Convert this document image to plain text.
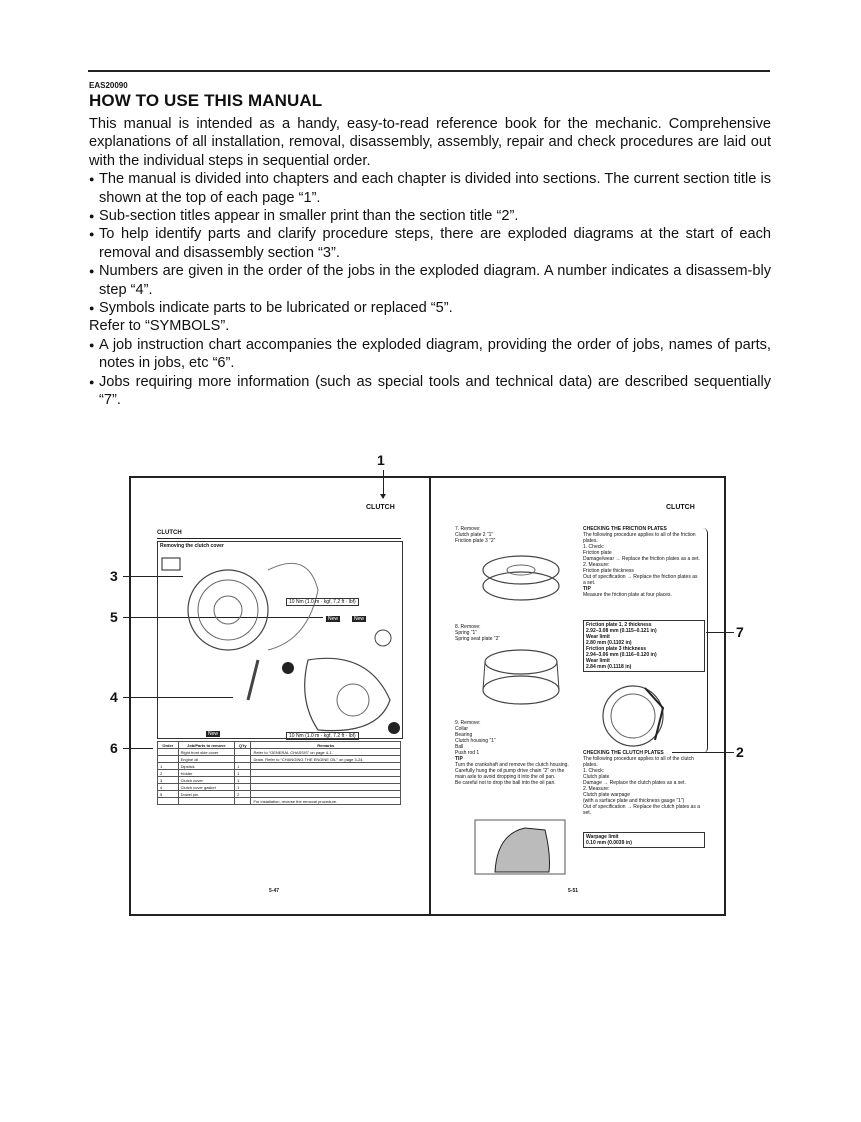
EAS20090
HOW TO USE THIS MANUAL

This manual is intended as a handy, easy-to-read reference book for the mechanic. Comprehensive explanations of all installation, removal, disassembly, assembly, repair and check procedures are laid out with the individual steps in sequential order.

● The manual is divided into chapters and each chapter is divided into sections. The current section title is shown at the top of each page “1”.

● Sub-section titles appear in smaller print than the section title “2”.

● To help identify parts and clarify procedure steps, there are exploded diagrams at the start of each removal and disassembly section “3”.

● Numbers are given in the order of the jobs in the exploded diagram. A number indicates a disassem-bly step “4”.

● Symbols indicate parts to be lubricated or replaced “5”.

Refer to “SYMBOLS”.

● A job instruction chart accompanies the exploded diagram, providing the order of jobs, names of parts, notes in jobs, etc “6”.

● Jobs requiring more information (such as special tools and technical data) are described sequentially “7”.

1
3
5
4
6
7
2
CLUTCH
CLUTCH
Removing the clutch cover
10 Nm (1.0 m · kgf, 7.2 ft · lbf)
10 Nm (1.0 m · kgf, 7.2 ft · lbf)
New	New
New
Order	Job/Parts to remove	Q'ty	Remarks
	Right front side cover		Refer to “GENERAL CHASSIS” on page 4-1.
	Engine oil		Drain. Refer to “CHANGING THE ENGINE OIL” on page 3-24.
1	Dipstick	1	
2	Holder	1	
3	Clutch cover	1	
4	Clutch cover gasket	1	
5	Dowel pin	2	
			For installation, reverse the removal procedure.
5-47
CLUTCH
7. Remove:
Clutch plate 2 “1”
Friction plate 3 “2”
8. Remove:
Spring “1”
Spring seat plate “2”
9. Remove:
Collar
Bearing
Clutch housing “1”
Ball
Push rod 1
TIP
Turn the crankshaft and remove the clutch housing.
Carefully hung the oil pump drive chain “2” on the main axle to avoid dropping it into the oil pan.
Be careful not to drop the ball into the oil pan.
CHECKING THE FRICTION PLATES
The following procedure applies to all of the friction plates.
1. Check:
Friction plate
Damage/wear → Replace the friction plates as a set.
2. Measure:
Friction plate thickness
Out of specification → Replace the friction plates as a set.
TIP
Measure the friction plate at four places.
Friction plate 1, 2 thickness
2.92–3.08 mm (0.115–0.121 in)
Wear limit
2.80 mm (0.1102 in)
Friction plate 3 thickness
2.94–3.06 mm (0.116–0.120 in)
Wear limit
2.84 mm (0.1118 in)
CHECKING THE CLUTCH PLATES
The following procedure applies to all of the clutch plates.
1. Check:
Clutch plate
Damage → Replace the clutch plates as a set.
2. Measure:
Clutch plate warpage
(with a surface plate and thickness gauge “1”)
Out of specification → Replace the clutch plates as a set.
Warpage limit
0.10 mm (0.0039 in)
5-51
